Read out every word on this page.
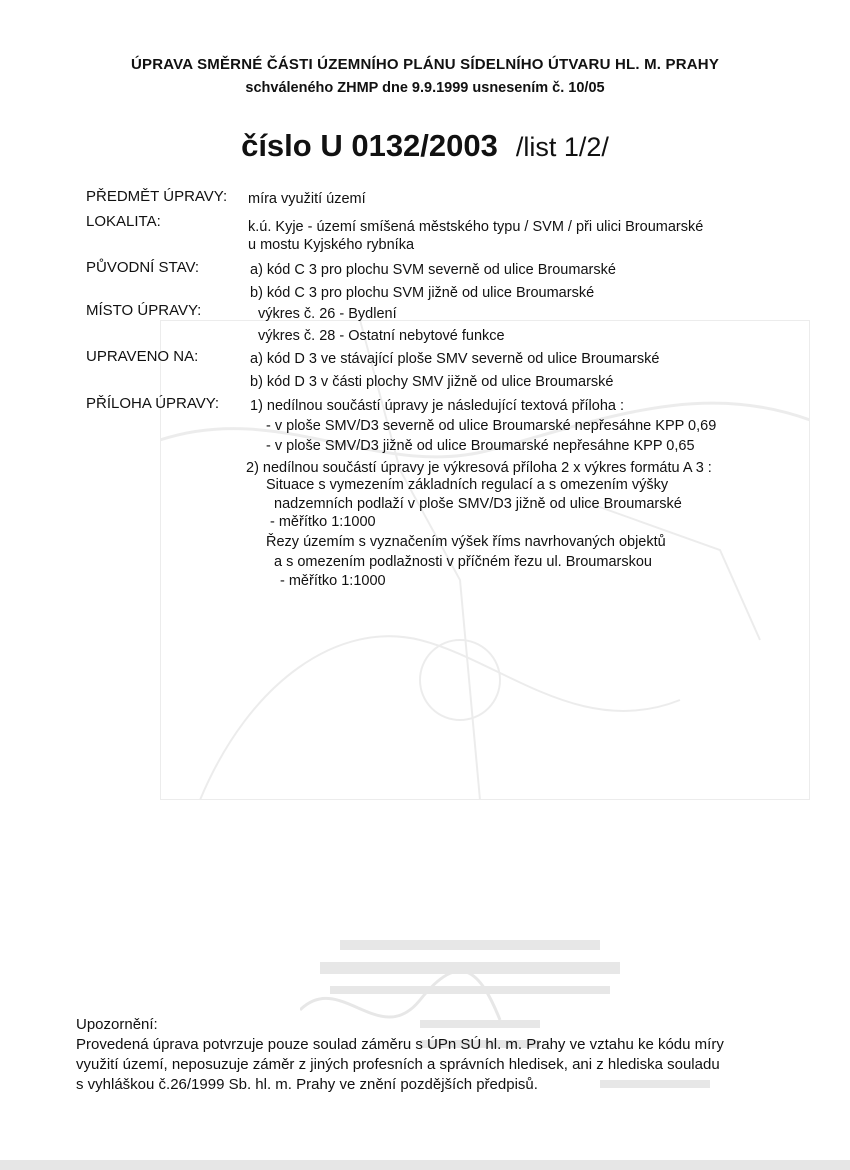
ÚPRAVA SMĚRNÉ ČÁSTI ÚZEMNÍHO PLÁNU SÍDELNÍHO ÚTVARU HL. M. PRAHY
schváleného ZHMP dne 9.9.1999 usnesením č. 10/05
číslo U 0132/2003 /list 1/2/
PŘEDMĚT ÚPRAVY: míra využití území
LOKALITA:	k.ú. Kyje - území smíšená městského typu / SVM / při ulici Broumarské
u mostu Kyjského rybníka
PŮVODNÍ STAV:	a) kód C 3 pro plochu SVM severně od ulice Broumarské
b) kód C 3 pro plochu SVM jižně od ulice Broumarské
MÍSTO ÚPRAVY:	výkres č. 26 - Bydlení
výkres č. 28 - Ostatní nebytové funkce
UPRAVENO NA:	a) kód D 3 ve stávající ploše SMV severně od ulice Broumarské
b) kód D 3 v části plochy SMV jižně od ulice Broumarské
PŘÍLOHA ÚPRAVY: 1) nedílnou součástí úpravy je následující textová příloha :
- v ploše SMV/D3 severně od ulice Broumarské nepřesáhne KPP 0,69
- v ploše SMV/D3 jižně od ulice Broumarské nepřesáhne KPP 0,65
2) nedílnou součástí úpravy je výkresová příloha 2 x výkres formátu A 3 :
Situace s vymezením základních regulací a s omezením výšky
nadzemních podlaží v ploše SMV/D3 jižně od ulice Broumarské
- měřítko 1:1000
Řezy územím s vyznačením výšek říms navrhovaných objektů
a s omezením podlažnosti v příčném řezu ul. Broumarskou
- měřítko 1:1000
Upozornění:
Provedená úprava potvrzuje pouze soulad záměru s ÚPn SÚ hl. m. Prahy ve vztahu ke kódu míry
využití území, neposuzuje záměr z jiných profesních a správních hledisek, ani z hlediska souladu
s vyhláškou č.26/1999 Sb. hl. m. Prahy ve znění pozdějších předpisů.
